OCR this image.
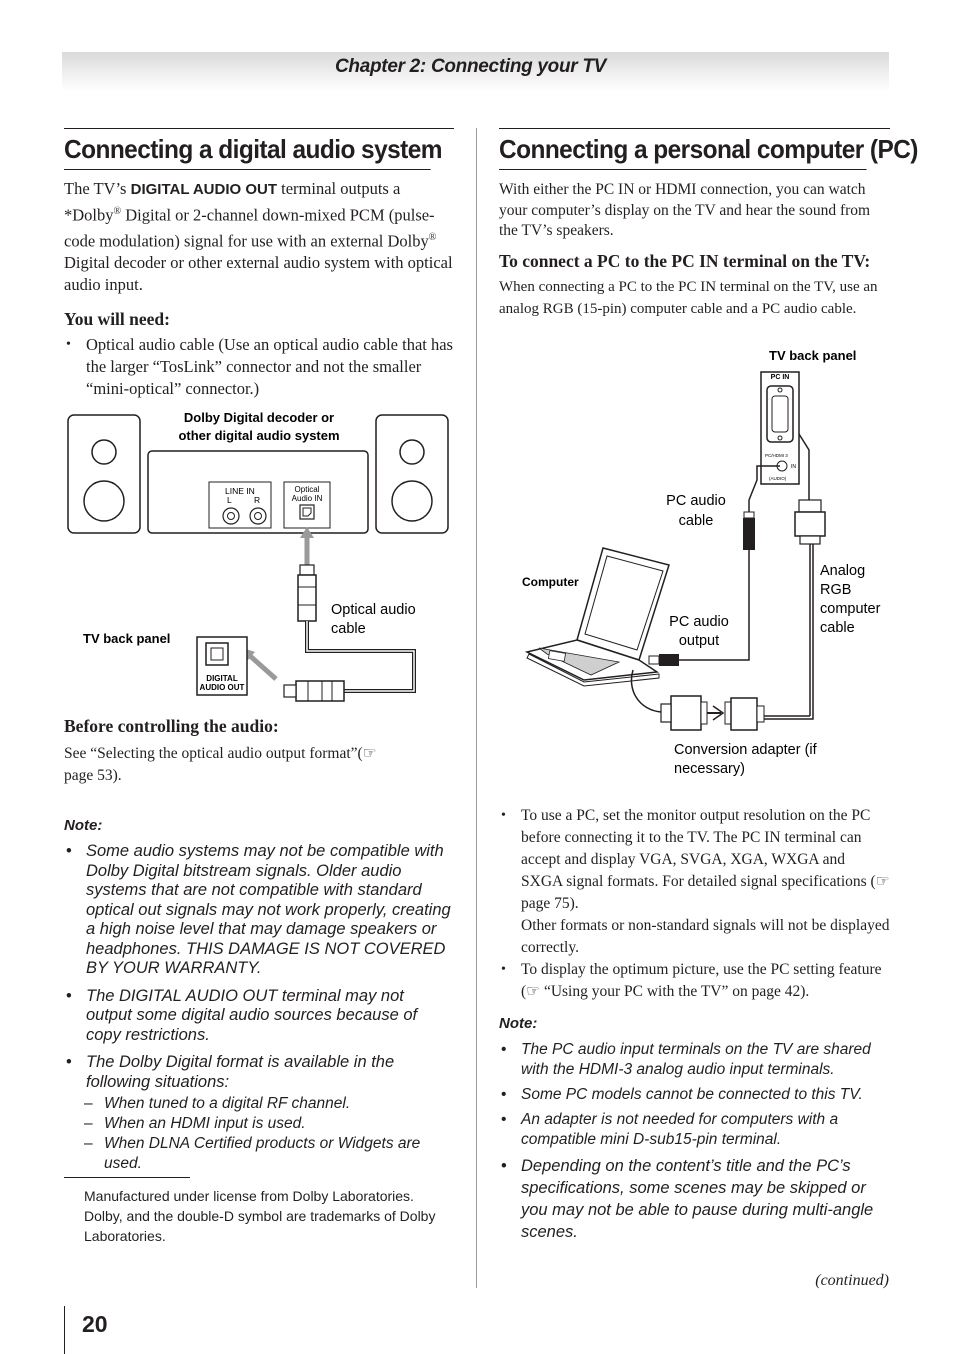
Chapter 2: Connecting your TV
Connecting a digital audio system

The TV’s DIGITAL AUDIO OUT terminal outputs a *Dolby® Digital or 2-channel down-mixed PCM (pulse-code modulation) signal for use with an external Dolby® Digital decoder or other external audio system with optical audio input.

You will need:

• Optical audio cable (Use an optical audio cable that has the larger “TosLink” connector and not the smaller “mini-optical” connector.)
Dolby Digital decoder or
other digital audio system
LINE IN
L	R
Optical
Audio IN
DIGITAL
AUDIO OUT
TV back panel
Optical audio
cable

Before controlling the audio:

See “Selecting the optical audio output format”(☞
page 53).

Note:

• Some audio systems may not be compatible with Dolby Digital bitstream signals. Older audio systems that are not compatible with standard optical out signals may not work properly, creating a high noise level that may damage speakers or headphones. THIS DAMAGE IS NOT COVERED BY YOUR WARRANTY.
• The DIGITAL AUDIO OUT terminal may not output some digital audio sources because of copy restrictions.
• The Dolby Digital format is available in the following situations:
– When tuned to a digital RF channel.
– When an HDMI input is used.
– When DLNA Certified products or Widgets are used.

Manufactured under license from Dolby Laboratories. Dolby, and the double-D symbol are trademarks of Dolby Laboratories.

Connecting a personal computer (PC)

With either the PC IN or HDMI connection, you can watch your computer’s display on the TV and hear the sound from the TV’s speakers.

To connect a PC to the PC IN terminal on the TV:

When connecting a PC to the PC IN terminal on the TV, use an analog RGB (15-pin) computer cable and a PC audio cable.

TV back panel
PC IN
PC/HDMI 3
IN
(AUDIO)
Computer
PC audio
cable
Analog
RGB
computer
cable
PC audio
output
Conversion adapter (if
necessary)
• To use a PC, set the monitor output resolution on the PC before connecting it to the TV. The PC IN terminal can accept and display VGA, SVGA, XGA, WXGA and SXGA signal formats. For detailed signal specifications (☞ page 75).
Other formats or non-standard signals will not be displayed correctly.
• To display the optimum picture, use the PC setting feature (☞ “Using your PC with the TV” on page 42).

Note:

• The PC audio input terminals on the TV are shared with the HDMI-3 analog audio input terminals.
• Some PC models cannot be connected to this TV.
• An adapter is not needed for computers with a compatible mini D-sub15-pin terminal.
• Depending on the content’s title and the PC’s specifications, some scenes may be skipped or you may not be able to pause during multi-angle scenes.
(continued)
20
